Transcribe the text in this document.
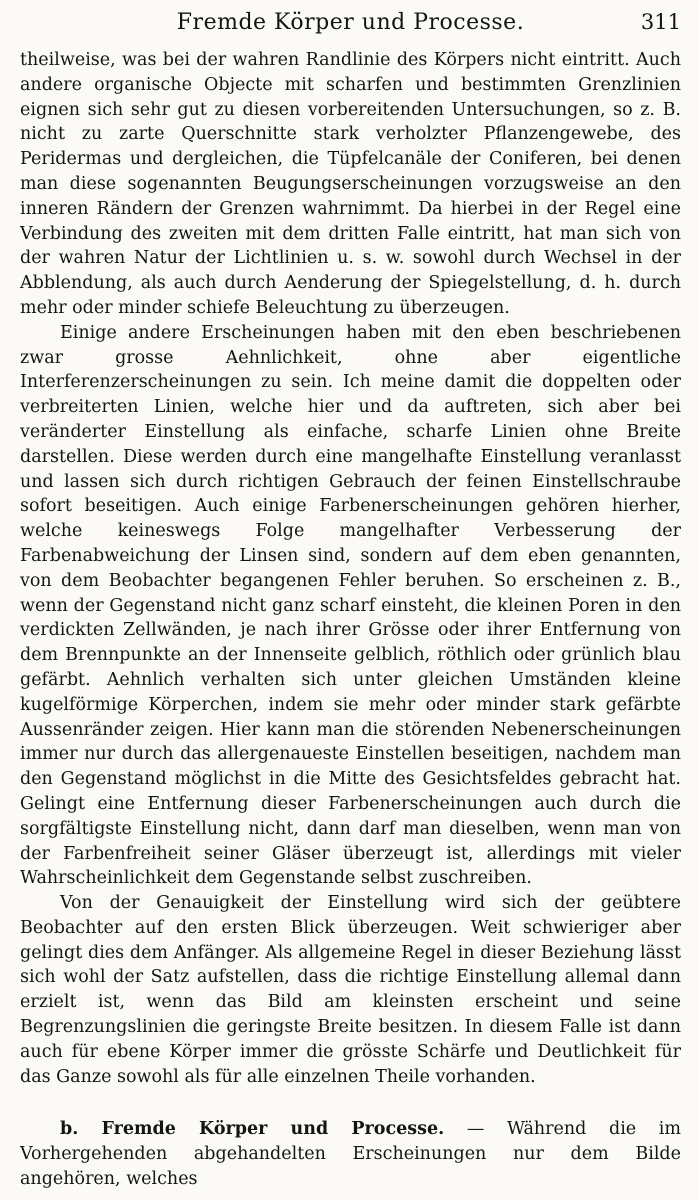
Fremde Körper und Processe.	311

theilweise, was bei der wahren Randlinie des Körpers nicht eintritt. Auch andere organische Objecte mit scharfen und bestimmten Grenzlinien eignen sich sehr gut zu diesen vorbereitenden Untersuchungen, so z. B. nicht zu zarte Querschnitte stark verholzter Pflanzengewebe, des Peridermas und dergleichen, die Tüpfelcanäle der Coniferen, bei denen man diese sogenannten Beugungserscheinungen vorzugsweise an den inneren Rändern der Grenzen wahrnimmt. Da hierbei in der Regel eine Verbindung des zweiten mit dem dritten Falle eintritt, hat man sich von der wahren Natur der Lichtlinien u. s. w. sowohl durch Wechsel in der Abblendung, als auch durch Aenderung der Spiegelstellung, d. h. durch mehr oder minder schiefe Beleuchtung zu überzeugen.

Einige andere Erscheinungen haben mit den eben beschriebenen zwar grosse Aehnlichkeit, ohne aber eigentliche Interferenzerscheinungen zu sein. Ich meine damit die doppelten oder verbreiterten Linien, welche hier und da auftreten, sich aber bei veränderter Einstellung als einfache, scharfe Linien ohne Breite darstellen. Diese werden durch eine mangelhafte Einstellung veranlasst und lassen sich durch richtigen Gebrauch der feinen Einstellschraube sofort beseitigen. Auch einige Farbenerscheinungen gehören hierher, welche keineswegs Folge mangelhafter Verbesserung der Farbenabweichung der Linsen sind, sondern auf dem eben genannten, von dem Beobachter begangenen Fehler beruhen. So erscheinen z. B., wenn der Gegenstand nicht ganz scharf einsteht, die kleinen Poren in den verdickten Zellwänden, je nach ihrer Grösse oder ihrer Entfernung von dem Brennpunkte an der Innenseite gelblich, röthlich oder grünlich blau gefärbt. Aehnlich verhalten sich unter gleichen Umständen kleine kugelförmige Körperchen, indem sie mehr oder minder stark gefärbte Aussenränder zeigen. Hier kann man die störenden Nebenerscheinungen immer nur durch das allergenaueste Einstellen beseitigen, nachdem man den Gegenstand möglichst in die Mitte des Gesichtsfeldes gebracht hat. Gelingt eine Entfernung dieser Farbenerscheinungen auch durch die sorgfältigste Einstellung nicht, dann darf man dieselben, wenn man von der Farbenfreiheit seiner Gläser überzeugt ist, allerdings mit vieler Wahrscheinlichkeit dem Gegenstande selbst zuschreiben.

Von der Genauigkeit der Einstellung wird sich der geübtere Beobachter auf den ersten Blick überzeugen. Weit schwieriger aber gelingt dies dem Anfänger. Als allgemeine Regel in dieser Beziehung lässt sich wohl der Satz aufstellen, dass die richtige Einstellung allemal dann erzielt ist, wenn das Bild am kleinsten erscheint und seine Begrenzungslinien die geringste Breite besitzen. In diesem Falle ist dann auch für ebene Körper immer die grösste Schärfe und Deutlichkeit für das Ganze sowohl als für alle einzelnen Theile vorhanden.

b. Fremde Körper und Processe. — Während die im Vorhergehenden abgehandelten Erscheinungen nur dem Bilde angehören, welches
